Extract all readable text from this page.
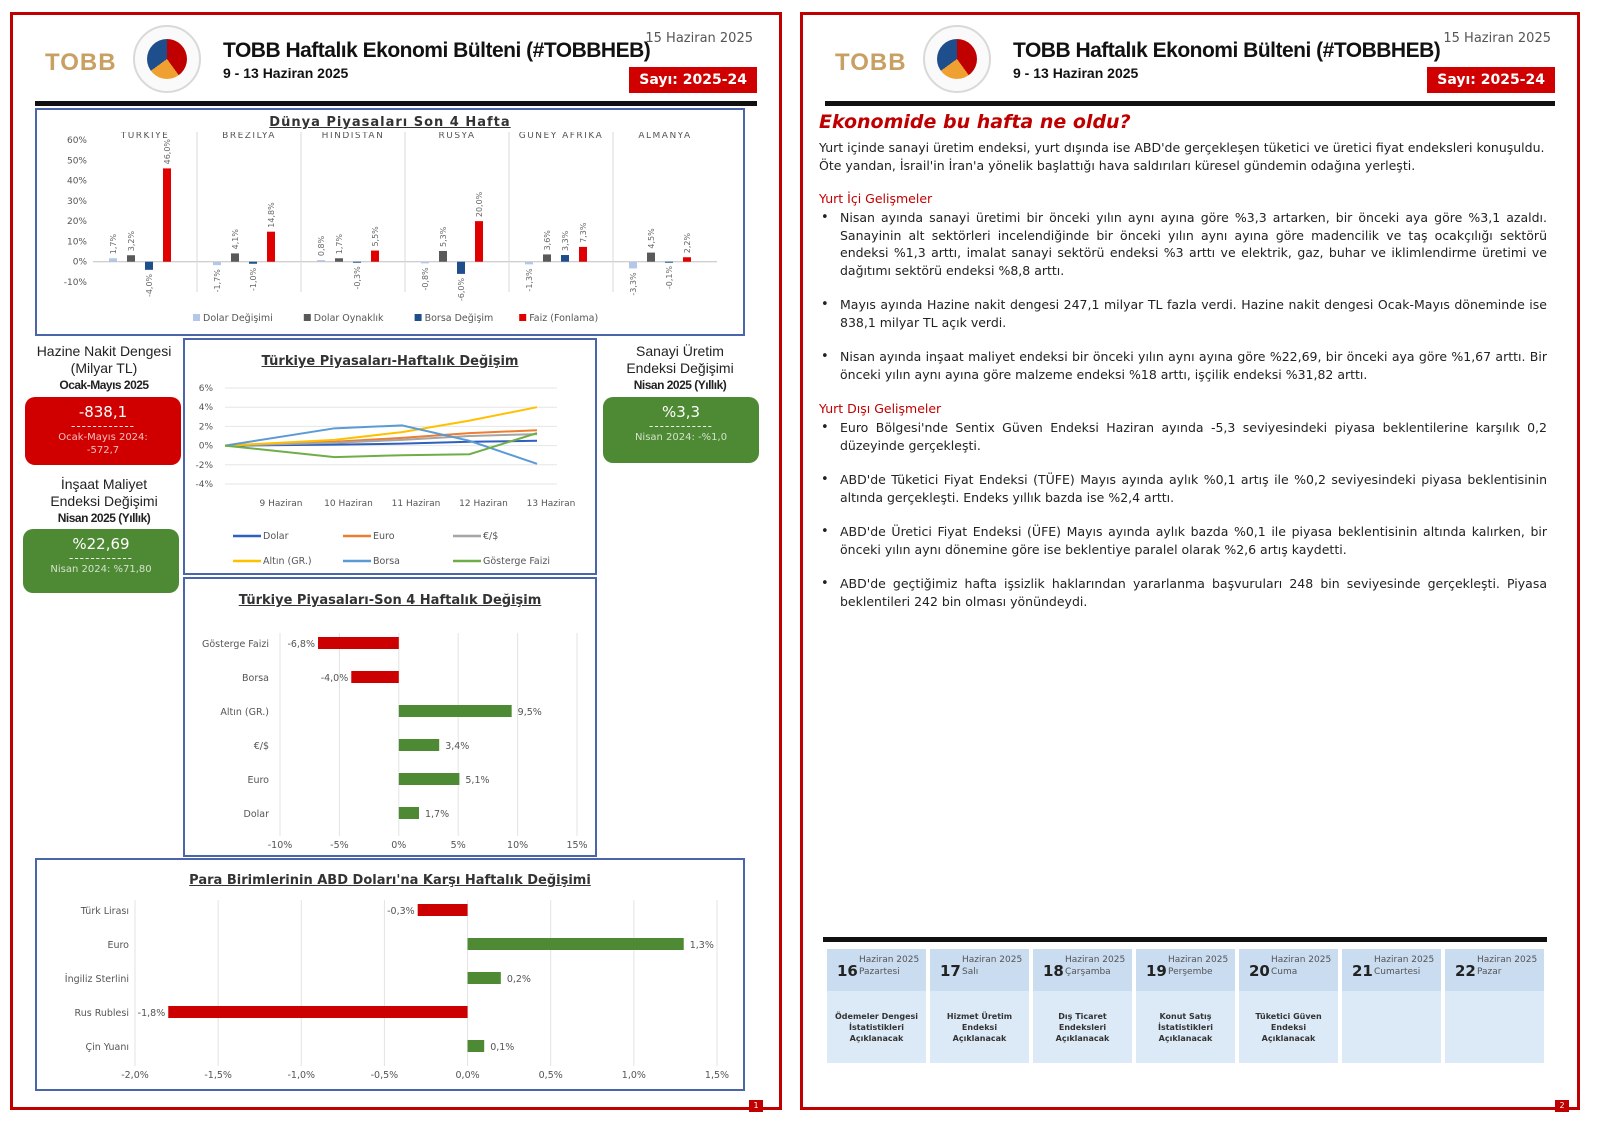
TOBB	TOBB Haftalık Ekonomi Bülteni (#TOBBHEB)
9 - 13 Haziran 2025
15 Haziran 2025
Sayı: 2025-24
Dünya Piyasaları Son 4 Hafta
60%
50%
40%
30%
20%
10%
0%
-10%
TÜRKİYE
1,7% 3,2%
-4,0%
46,0%
BREZİLYA
-1,7%
4,1%
-1,0%
14,8%
HİNDİSTAN
0,8% 1,7%
-0,3%
5,5%
RUSYA
-0,8%
5,3%
-6,0%
20,0%
GÜNEY AFRİKA
-1,3%
3,6% 3,3% 7,3%
ALMANYA
-3,3%
4,5%
-0,1%
2,2%
Dolar Değişimi	Dolar Oynaklık	Borsa Değişim	Faiz (Fonlama)
Hazine Nakit Dengesi
(Milyar TL)
Ocak-Mayıs 2025
-838,1
------------
Ocak-Mayıs 2024:
-572,7
İnşaat Maliyet
Endeksi Değişimi
Nisan 2025 (Yıllık)
%22,69
------------
Nisan 2024: %71,80
Türkiye Piyasaları-Haftalık Değişim
6%
4%
2%
0%
-2%
-4%
9 Haziran 10 Haziran 11 Haziran 12 Haziran 13 Haziran
Dolar	Euro	€/$
Altın (GR.)	Borsa	Gösterge Faizi
Sanayi Üretim
Endeksi Değişimi
Nisan 2025 (Yıllık)
%3,3
------------
Nisan 2024: -%1,0
Türkiye Piyasaları-Son 4 Haftalık Değişim
-10%	-5%	0%	5%	10%	15%
Gösterge Faizi -6,8%
Borsa	-4,0%
Altın (GR.)	9,5%
€/$	3,4%
Euro	5,1%
Dolar	1,7%
Para Birimlerinin ABD Doları'na Karşı Haftalık Değişimi
-2,0%	-1,5%	-1,0%	-0,5%	0,0%	0,5%	1,0%	1,5%
Türk Lirası	-0,3%
Euro	1,3%
İngiliz Sterlini	0,2%
Rus Rublesi -1,8%
Çin Yuanı	0,1%
1
TOBB	TOBB Haftalık Ekonomi Bülteni (#TOBBHEB)
9 - 13 Haziran 2025
15 Haziran 2025
Sayı: 2025-24
Ekonomide bu hafta ne oldu?
Yurt içinde sanayi üretim endeksi, yurt dışında ise ABD'de gerçekleşen tüketici ve üretici fiyat endeksleri konuşuldu. Öte yandan, İsrail'in İran'a yönelik başlattığı hava saldırıları küresel gündemin odağına yerleşti.
Yurt İçi Gelişmeler
• Nisan ayında sanayi üretimi bir önceki yılın aynı ayına göre %3,3 artarken, bir önceki aya göre %3,1 azaldı. Sanayinin alt sektörleri incelendiğinde bir önceki yılın aynı ayına göre madencilik ve taş ocakçılığı sektörü endeksi %1,3 arttı, imalat sanayi sektörü endeksi %3 arttı ve elektrik, gaz, buhar ve iklimlendirme üretimi ve dağıtımı sektörü endeksi %8,8 arttı.
• Mayıs ayında Hazine nakit dengesi 247,1 milyar TL fazla verdi. Hazine nakit dengesi Ocak-Mayıs döneminde ise 838,1 milyar TL açık verdi.
• Nisan ayında inşaat maliyet endeksi bir önceki yılın aynı ayına göre %22,69, bir önceki aya göre %1,67 arttı. Bir önceki yılın aynı ayına göre malzeme endeksi %18 arttı, işçilik endeksi %31,82 arttı.
Yurt Dışı Gelişmeler
• Euro Bölgesi'nde Sentix Güven Endeksi Haziran ayında -5,3 seviyesindeki piyasa beklentilerine karşılık 0,2 düzeyinde gerçekleşti.
• ABD'de Tüketici Fiyat Endeksi (TÜFE) Mayıs ayında aylık %0,1 artış ile %0,2 seviyesindeki piyasa beklentisinin altında gerçekleşti. Endeks yıllık bazda ise %2,4 arttı.
• ABD'de Üretici Fiyat Endeksi (ÜFE) Mayıs ayında aylık bazda %0,1 ile piyasa beklentisinin altında kalırken, bir önceki yılın aynı dönemine göre ise beklentiye paralel olarak %2,6 artış kaydetti.
• ABD'de geçtiğimiz hafta işsizlik haklarından yararlanma başvuruları 248 bin seviyesinde gerçekleşti. Piyasa beklentileri 242 bin olması yönündeydi.
16
Haziran 2025
Pazartesi
Ödemeler Dengesi İstatistikleri Açıklanacak
17
Haziran 2025
Salı
Hizmet Üretim Endeksi Açıklanacak
18
Haziran 2025
Çarşamba
Dış Ticaret Endeksleri Açıklanacak
19
Haziran 2025
Perşembe
Konut Satış İstatistikleri Açıklanacak
20
Haziran 2025
Cuma
Tüketici Güven Endeksi Açıklanacak
21
Haziran 2025
Cumartesi 22
Haziran 2025
Pazar
2
